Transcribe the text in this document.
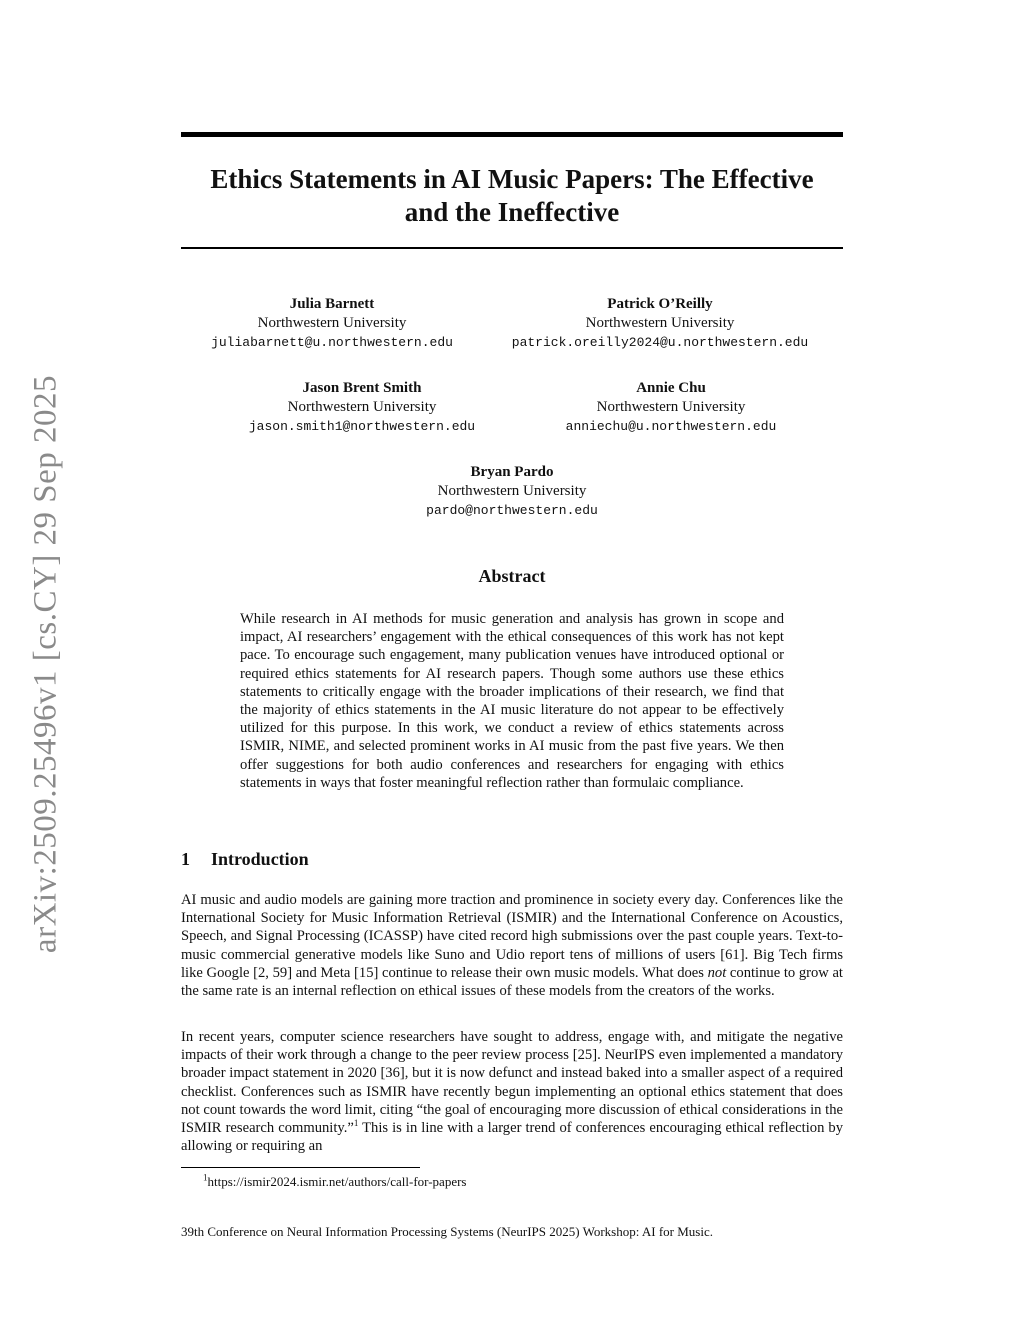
arXiv:2509.25496v1 [cs.CY] 29 Sep 2025
Ethics Statements in AI Music Papers: The Effective
and the Ineffective
Julia Barnett
Northwestern University
juliabarnett@u.northwestern.edu
Patrick O’Reilly
Northwestern University
patrick.oreilly2024@u.northwestern.edu
Jason Brent Smith
Northwestern University
jason.smith1@northwestern.edu
Annie Chu
Northwestern University
anniechu@u.northwestern.edu
Bryan Pardo
Northwestern University
pardo@northwestern.edu
Abstract

While research in AI methods for music generation and analysis has grown in scope and impact, AI researchers’ engagement with the ethical consequences of this work has not kept pace. To encourage such engagement, many publication venues have introduced optional or required ethics statements for AI research papers. Though some authors use these ethics statements to critically engage with the broader implications of their research, we find that the majority of ethics statements in the AI music literature do not appear to be effectively utilized for this purpose. In this work, we conduct a review of ethics statements across ISMIR, NIME, and selected prominent works in AI music from the past five years. We then offer suggestions for both audio conferences and researchers for engaging with ethics statements in ways that foster meaningful reflection rather than formulaic compliance.

1 Introduction

AI music and audio models are gaining more traction and prominence in society every day. Conferences like the International Society for Music Information Retrieval (ISMIR) and the International Conference on Acoustics, Speech, and Signal Processing (ICASSP) have cited record high submissions over the past couple years. Text-to-music commercial generative models like Suno and Udio report tens of millions of users [61]. Big Tech firms like Google [2, 59] and Meta [15] continue to release their own music models. What does not continue to grow at the same rate is an internal reflection on ethical issues of these models from the creators of the works.

In recent years, computer science researchers have sought to address, engage with, and mitigate the negative impacts of their work through a change to the peer review process [25]. NeurIPS even implemented a mandatory broader impact statement in 2020 [36], but it is now defunct and instead baked into a smaller aspect of a required checklist. Conferences such as ISMIR have recently begun implementing an optional ethics statement that does not count towards the word limit, citing “the goal of encouraging more discussion of ethical considerations in the ISMIR research community.”$^1$ This is in line with a larger trend of conferences encouraging ethical reflection by allowing or requiring an

$^1$https://ismir2024.ismir.net/authors/call-for-papers

39th Conference on Neural Information Processing Systems (NeurIPS 2025) Workshop: AI for Music.
